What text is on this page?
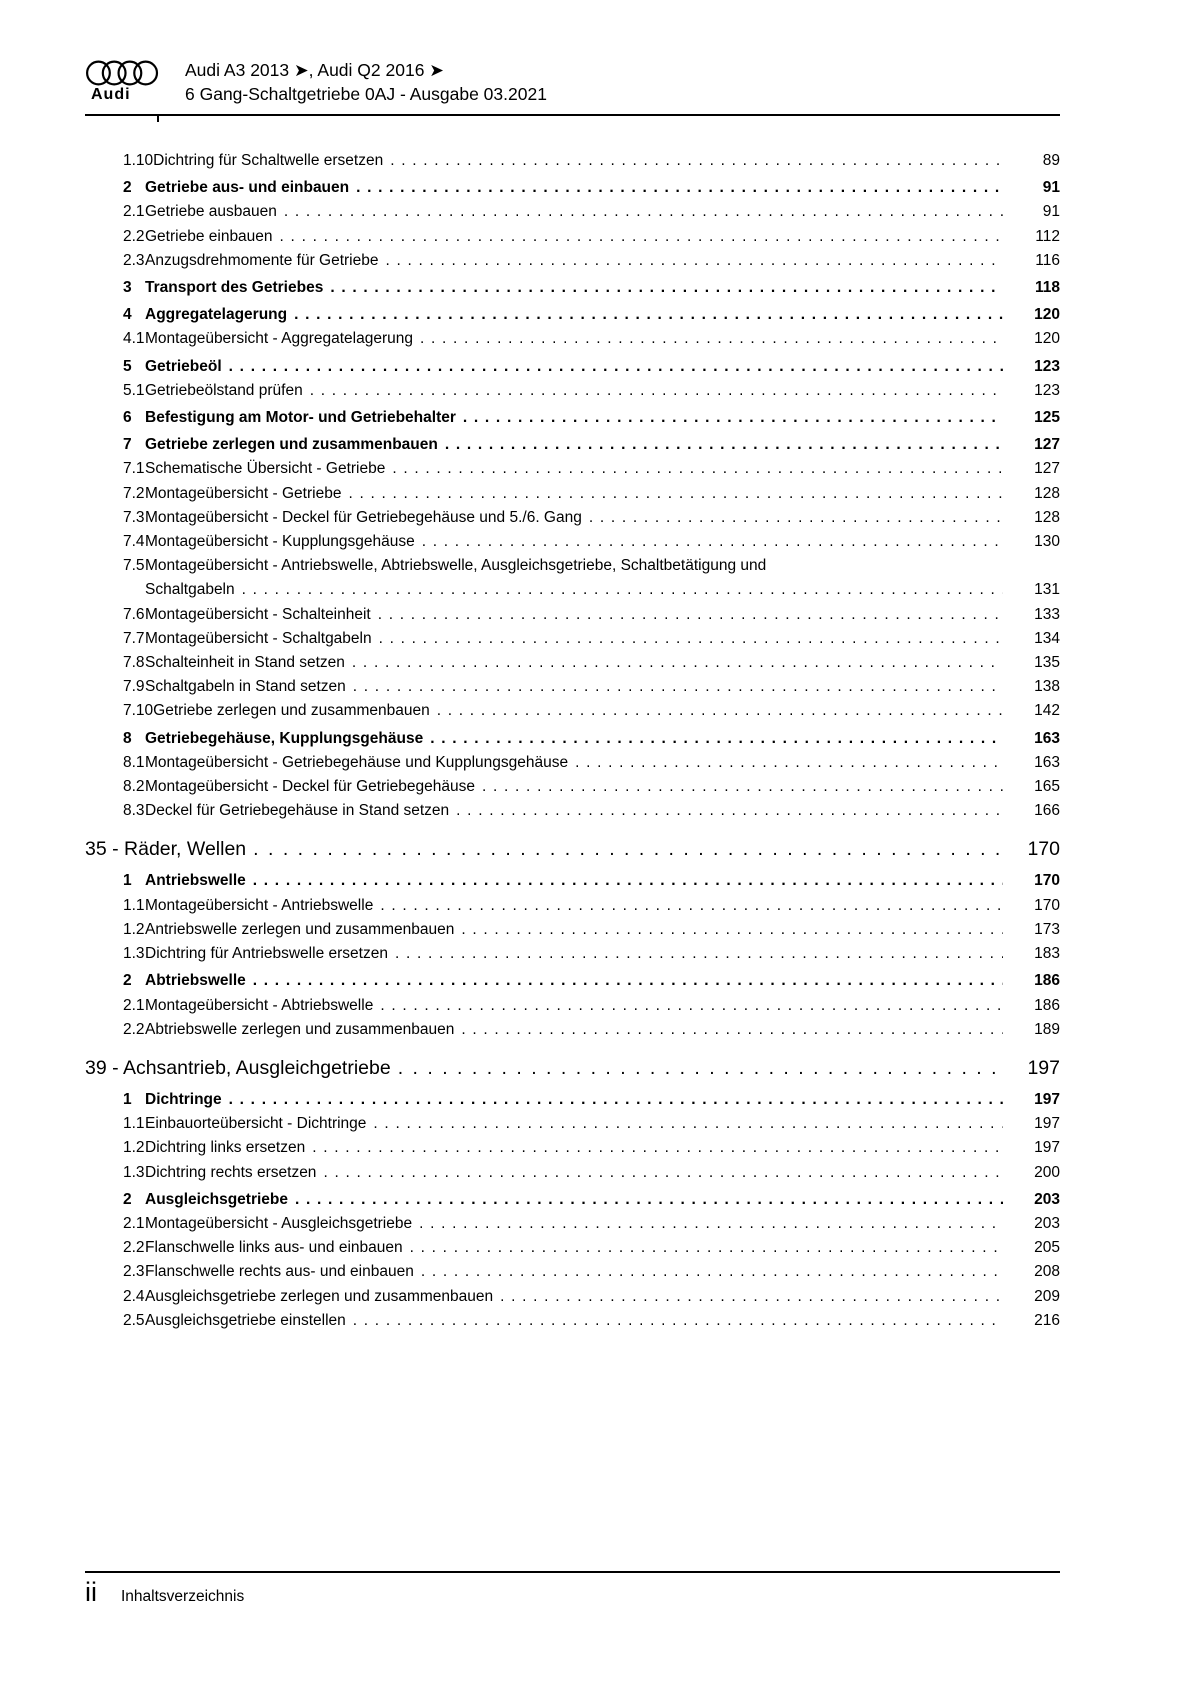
Audi
Audi A3 2013 ➤, Audi Q2 2016 ➤
6 Gang-Schaltgetriebe 0AJ - Ausgabe 03.2021
1.10 Dichtring für Schaltwelle ersetzen . . .	89
2 Getriebe aus- und einbauen . . .	91
2.1 Getriebe ausbauen . . .	91
2.2 Getriebe einbauen . . .	112
2.3 Anzugsdrehmomente für Getriebe . . .	116
3 Transport des Getriebes . . .	118
4 Aggregatelagerung . . .	120
4.1 Montageübersicht - Aggregatelagerung . . .	120
5 Getriebeöl . . .	123
5.1 Getriebeölstand prüfen . . .	123
6 Befestigung am Motor- und Getriebehalter . . .	125
7 Getriebe zerlegen und zusammenbauen . . .	127
7.1 Schematische Übersicht - Getriebe . . .	127
7.2 Montageübersicht - Getriebe . . .	128
7.3 Montageübersicht - Deckel für Getriebegehäuse und 5./6. Gang . . .	128
7.4 Montageübersicht - Kupplungsgehäuse . . .	130
7.5 Montageübersicht - Antriebswelle, Abtriebswelle, Ausgleichsgetriebe, Schaltbetätigung und
Schaltgabeln . . .	131
7.6 Montageübersicht - Schalteinheit . . .	133
7.7 Montageübersicht - Schaltgabeln . . .	134
7.8 Schalteinheit in Stand setzen . . .	135
7.9 Schaltgabeln in Stand setzen . . .	138
7.10 Getriebe zerlegen und zusammenbauen . . .	142
8 Getriebegehäuse, Kupplungsgehäuse . . .	163
8.1 Montageübersicht - Getriebegehäuse und Kupplungsgehäuse . . .	163
8.2 Montageübersicht - Deckel für Getriebegehäuse . . .	165
8.3 Deckel für Getriebegehäuse in Stand setzen . . .	166
35 - Räder, Wellen . . .	170
1 Antriebswelle . . .	170
1.1 Montageübersicht - Antriebswelle . . .	170
1.2 Antriebswelle zerlegen und zusammenbauen . . .	173
1.3 Dichtring für Antriebswelle ersetzen . . .	183
2 Abtriebswelle . . .	186
2.1 Montageübersicht - Abtriebswelle . . .	186
2.2 Abtriebswelle zerlegen und zusammenbauen . . .	189
39 - Achsantrieb, Ausgleichgetriebe . . .	197
1 Dichtringe . . .	197
1.1 Einbauorteübersicht - Dichtringe . . .	197
1.2 Dichtring links ersetzen . . .	197
1.3 Dichtring rechts ersetzen . . .	200
2 Ausgleichsgetriebe . . .	203
2.1 Montageübersicht - Ausgleichsgetriebe . . .	203
2.2 Flanschwelle links aus- und einbauen . . .	205
2.3 Flanschwelle rechts aus- und einbauen . . .	208
2.4 Ausgleichsgetriebe zerlegen und zusammenbauen . . .	209
2.5 Ausgleichsgetriebe einstellen . . .	216
ii Inhaltsverzeichnis
